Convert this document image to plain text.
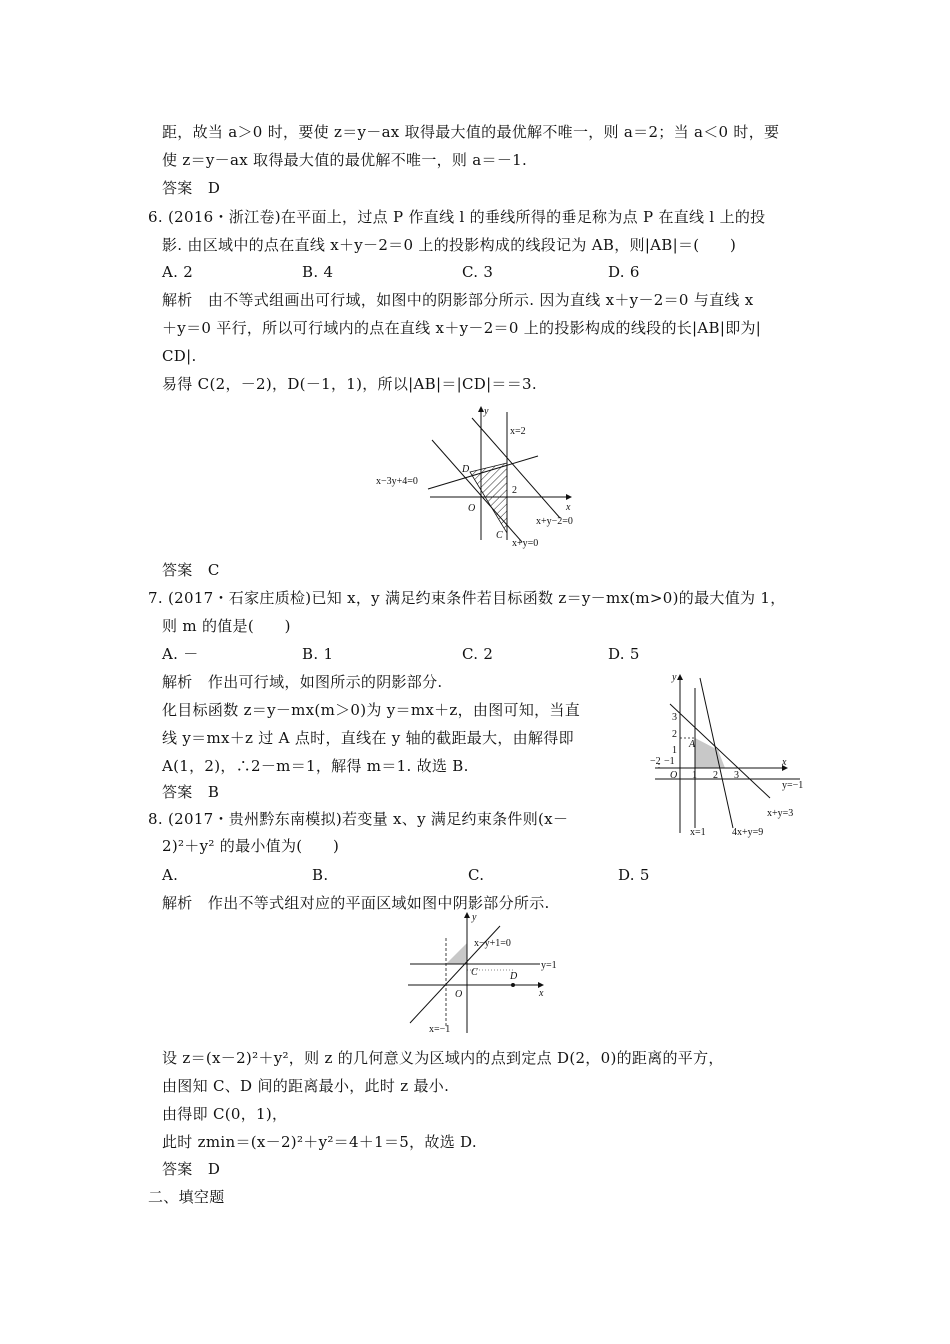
距，故当 a＞0 时，要使 z＝y－ax 取得最大值的最优解不唯一，则 a＝2；当 a＜0 时，要
使 z＝y－ax 取得最大值的最优解不唯一，则 a＝－1.
答案　D
6. (2016・浙江卷)在平面上，过点 P 作直线 l 的垂线所得的垂足称为点 P 在直线 l 上的投
影. 由区域中的点在直线 x＋y－2＝0 上的投影构成的线段记为 AB，则|AB|＝(　　)
A. 2	B. 4	C. 3	D. 6
解析　由不等式组画出可行域，如图中的阴影部分所示. 因为直线 x＋y－2＝0 与直线 x
＋y＝0 平行，所以可行域内的点在直线 x＋y－2＝0 上的投影构成的线段的长|AB|即为|
CD|.
易得 C(2，－2)，D(－1，1)，所以|AB|＝|CD|＝＝3.
y
x=2
x−3y+4=0
D
2
O	x
x+y−2=0
C
x+y=0
答案　C
7. (2017・石家庄质检)已知 x，y 满足约束条件若目标函数 z＝y－mx(m>0)的最大值为 1，
则 m 的值是(　　)
A. －	B. 1	C. 2	D. 5
解析　作出可行域，如图所示的阴影部分.
化目标函数 z＝y－mx(m＞0)为 y＝mx＋z，由图可知，当直
线 y＝mx＋z 过 A 点时，直线在 y 轴的截距最大，由解得即
A(1，2)，∴2－m＝1，解得 m＝1. 故选 B.
答案　B
y
3
2
A
1
−2 −1
O 1 2 3
x
y=−1
x+y=3
x=1	4x+y=9
8. (2017・贵州黔东南模拟)若变量 x、y 满足约束条件则(x－
2)²＋y² 的最小值为(　　)
A.	B.	C.	D. 5
解析　作出不等式组对应的平面区域如图中阴影部分所示.
y
x−y+1=0
C	D
y=1
O	x
x=−1
设 z＝(x－2)²＋y²，则 z 的几何意义为区域内的点到定点 D(2，0)的距离的平方，
由图知 C、D 间的距离最小，此时 z 最小.
由得即 C(0，1)，
此时 zmin＝(x－2)²＋y²＝4＋1＝5，故选 D.
答案　D
二、填空题
